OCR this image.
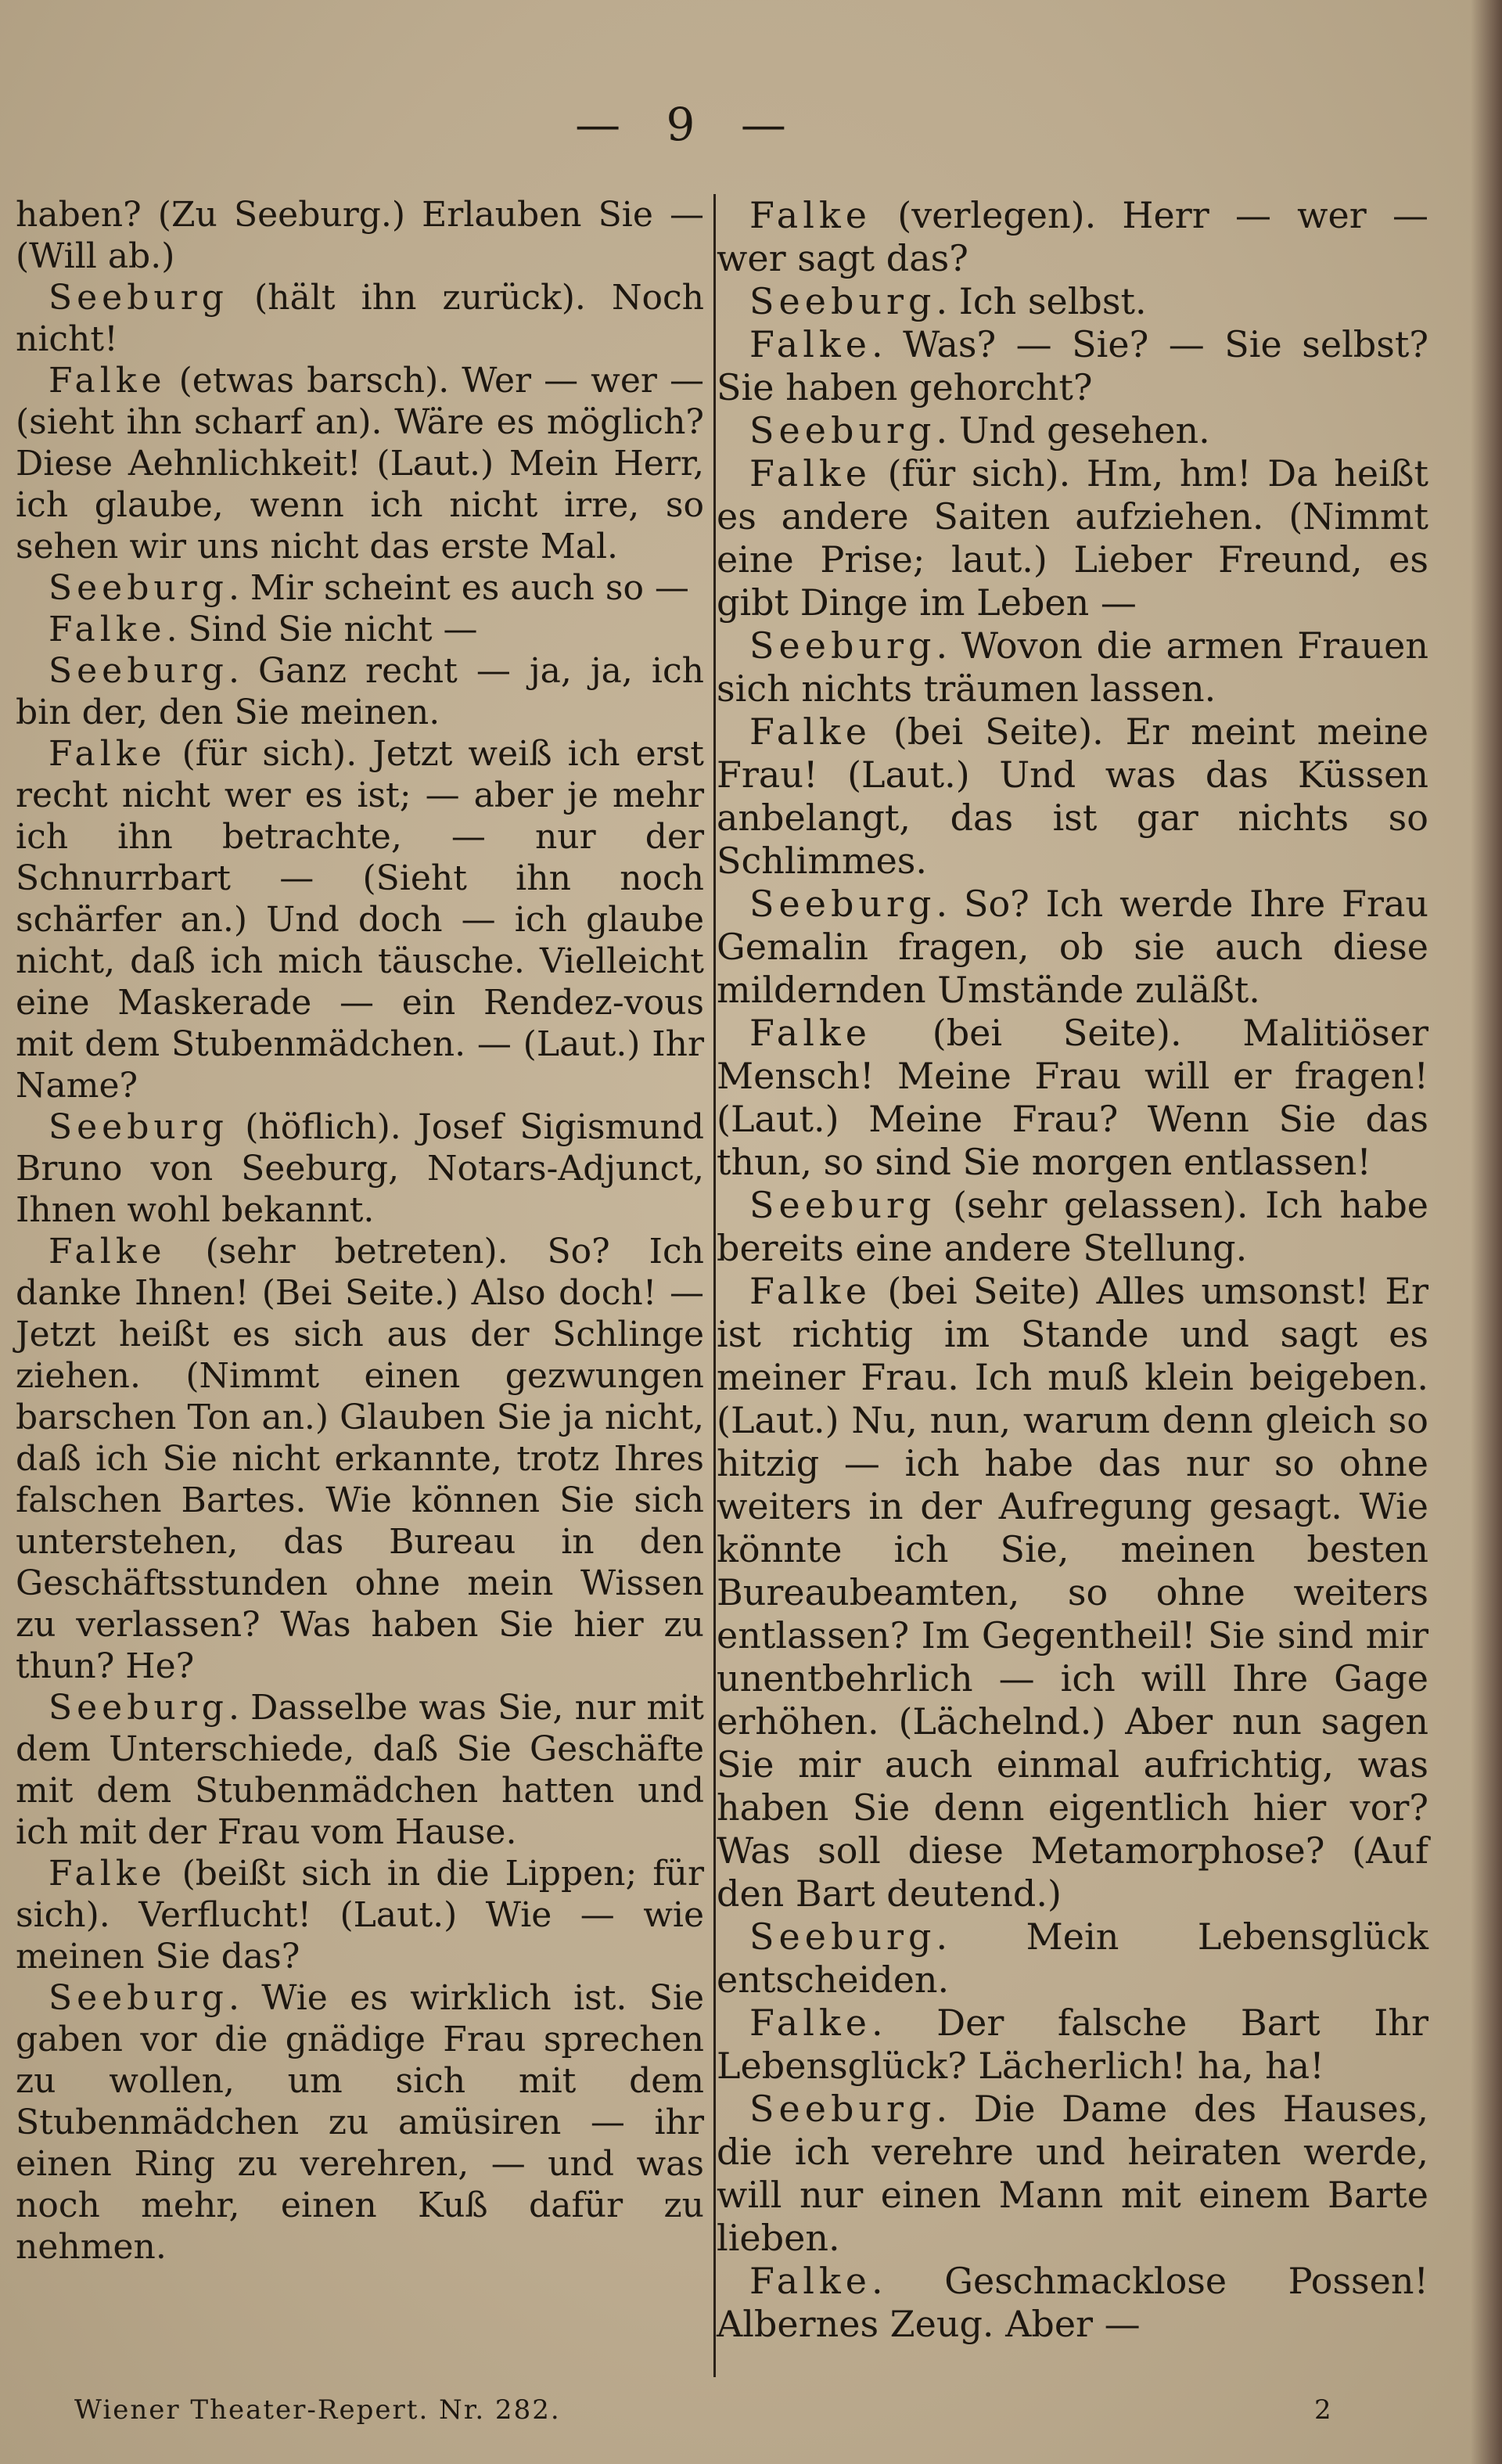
— 9 —

haben? (Zu Seeburg.) Erlauben Sie — (Will ab.)

Seeburg (hält ihn zurück). Noch nicht!

Falke (etwas barsch). Wer — wer — (sieht ihn scharf an). Wäre es möglich? Diese Aehnlichkeit! (Laut.) Mein Herr, ich glaube, wenn ich nicht irre, so sehen wir uns nicht das erste Mal.

Seeburg. Mir scheint es auch so —

Falke. Sind Sie nicht —

Seeburg. Ganz recht — ja, ja, ich bin der, den Sie meinen.

Falke (für sich). Jetzt weiß ich erst recht nicht wer es ist; — aber je mehr ich ihn betrachte, — nur der Schnurrbart — (Sieht ihn noch schärfer an.) Und doch — ich glaube nicht, daß ich mich täusche. Vielleicht eine Maskerade — ein Rendez-vous mit dem Stubenmädchen. — (Laut.) Ihr Name?

Seeburg (höflich). Josef Sigismund Bruno von Seeburg, Notars-Adjunct, Ihnen wohl bekannt.

Falke (sehr betreten). So? Ich danke Ihnen! (Bei Seite.) Also doch! — Jetzt heißt es sich aus der Schlinge ziehen. (Nimmt einen gezwungen barschen Ton an.) Glauben Sie ja nicht, daß ich Sie nicht erkannte, trotz Ihres falschen Bartes. Wie können Sie sich unterstehen, das Bureau in den Geschäftsstunden ohne mein Wissen zu verlassen? Was haben Sie hier zu thun? He?

Seeburg. Dasselbe was Sie, nur mit dem Unterschiede, daß Sie Geschäfte mit dem Stubenmädchen hatten und ich mit der Frau vom Hause.

Falke (beißt sich in die Lippen; für sich). Verflucht! (Laut.) Wie — wie meinen Sie das?

Seeburg. Wie es wirklich ist. Sie gaben vor die gnädige Frau sprechen zu wollen, um sich mit dem Stubenmädchen zu amüsiren — ihr einen Ring zu verehren, — und was noch mehr, einen Kuß dafür zu nehmen.

Falke (verlegen). Herr — wer — wer sagt das?

Seeburg. Ich selbst.

Falke. Was? — Sie? — Sie selbst? Sie haben gehorcht?

Seeburg. Und gesehen.

Falke (für sich). Hm, hm! Da heißt es andere Saiten aufziehen. (Nimmt eine Prise; laut.) Lieber Freund, es gibt Dinge im Leben —

Seeburg. Wovon die armen Frauen sich nichts träumen lassen.

Falke (bei Seite). Er meint meine Frau! (Laut.) Und was das Küssen anbelangt, das ist gar nichts so Schlimmes.

Seeburg. So? Ich werde Ihre Frau Gemalin fragen, ob sie auch diese mildernden Umstände zuläßt.

Falke (bei Seite). Malitiöser Mensch! Meine Frau will er fragen! (Laut.) Meine Frau? Wenn Sie das thun, so sind Sie morgen entlassen!

Seeburg (sehr gelassen). Ich habe bereits eine andere Stellung.

Falke (bei Seite) Alles umsonst! Er ist richtig im Stande und sagt es meiner Frau. Ich muß klein beigeben. (Laut.) Nu, nun, warum denn gleich so hitzig — ich habe das nur so ohne weiters in der Aufregung gesagt. Wie könnte ich Sie, meinen besten Bureaubeamten, so ohne weiters entlassen? Im Gegentheil! Sie sind mir unentbehrlich — ich will Ihre Gage erhöhen. (Lächelnd.) Aber nun sagen Sie mir auch einmal aufrichtig, was haben Sie denn eigentlich hier vor? Was soll diese Metamorphose? (Auf den Bart deutend.)

Seeburg. Mein Lebensglück entscheiden.

Falke. Der falsche Bart Ihr Lebensglück? Lächerlich! ha, ha!

Seeburg. Die Dame des Hauses, die ich verehre und heiraten werde, will nur einen Mann mit einem Barte lieben.

Falke. Geschmacklose Possen! Albernes Zeug. Aber —

Wiener Theater-Repert. Nr. 282.	2
